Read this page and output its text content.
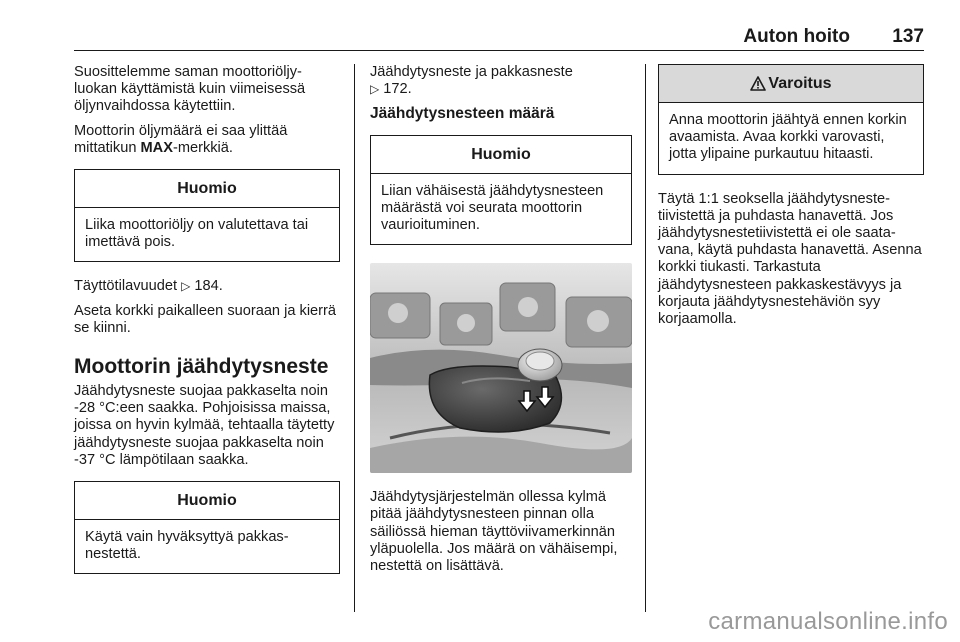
Auton hoito 137

Suosittelemme saman moottoriöljyluokan käyttämistä kuin viimeisessä öljynvaihdossa käytettiin.

Moottorin öljymäärä ei saa ylittää mittatikun MAX-merkkiä.

Huomio

Liika moottoriöljy on valutettava tai imettävä pois.

Täyttötilavuudet ▷ 184.

Aseta korkki paikalleen suoraan ja kierrä se kiinni.

Moottorin jäähdytysneste

Jäähdytysneste suojaa pakkaselta noin -28 °C:een saakka. Pohjoisissa maissa, joissa on hyvin kylmää, tehtaalla täytetty jäähdytysneste suojaa pakkaselta noin -37 °C lämpötilaan saakka.

Huomio

Käytä vain hyväksyttyä pakkasnestettä.

Jäähdytysneste ja pakkasneste
▷ 172.

Jäähdytysnesteen määrä
Huomio

Liian vähäisestä jäähdytysnesteen määrästä voi seurata moottorin vaurioituminen.

Jäähdytysjärjestelmän ollessa kylmä pitää jäähdytysnesteen pinnan olla säiliössä hieman täyttöviivamerkinnän yläpuolella. Jos määrä on vähäisempi, nestettä on lisättävä.

Varoitus

Anna moottorin jäähtyä ennen korkin avaamista. Avaa korkki varovasti, jotta ylipaine purkautuu hitaasti.

Täytä 1:1 seoksella jäähdytysnestetiivistettä ja puhdasta hanavettä. Jos jäähdytysnestetiivistettä ei ole saatavana, käytä puhdasta hanavettä. Asenna korkki tiukasti. Tarkastuta jäähdytysnesteen pakkaskestävyys ja korjauta jäähdytysnestehäviön syy korjaamolla.

carmanualsonline.info
